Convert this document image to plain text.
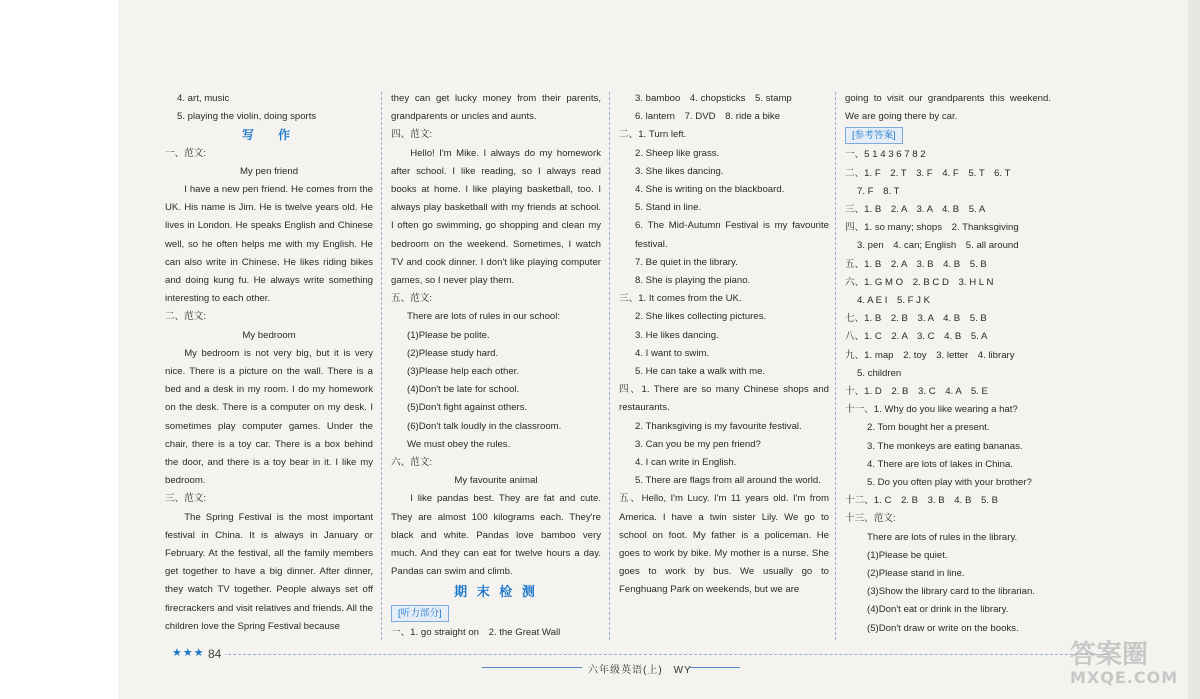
4. art, music

5. playing the violin, doing sports

写　作

一、范文:

My pen friend

I have a new pen friend. He comes from the UK. His name is Jim. He is twelve years old. He lives in London. He speaks English and Chinese well, so he often helps me with my English. He can also write in Chinese. He likes riding bikes and doing kung fu. He always write something interesting to each other.

二、范文:

My bedroom

My bedroom is not very big, but it is very nice. There is a picture on the wall. There is a bed and a desk in my room. I do my homework on the desk. There is a computer on my desk. I sometimes play computer games. Under the chair, there is a toy car. There is a box behind the door, and there is a toy bear in it. I like my bedroom.

三、范文:

The Spring Festival is the most important festival in China. It is always in January or February. At the festival, all the family members get together to have a big dinner. After dinner, they watch TV together. People always set off firecrackers and visit relatives and friends. All the children love the Spring Festival because

they can get lucky money from their parents, grandparents or uncles and aunts.

四、范文:

Hello! I'm Mike. I always do my homework after school. I like reading, so I always read books at home. I like playing basketball, too. I always play basketball with my friends at school. I often go swimming, go shopping and clean my bedroom on the weekend. Sometimes, I watch TV and cook dinner. I don't like playing computer games, so I never play them.

五、范文:

There are lots of rules in our school:

(1)Please be polite.

(2)Please study hard.

(3)Please help each other.

(4)Don't be late for school.

(5)Don't fight against others.

(6)Don't talk loudly in the classroom.

We must obey the rules.

六、范文:

My favourite animal

I like pandas best. They are fat and cute. They are almost 100 kilograms each. They're black and white. Pandas love bamboo very much. And they can eat for twelve hours a day. Pandas can swim and climb.

期 末 检 测

[听力部分]

一、1. go straight on　2. the Great Wall

3. bamboo　4. chopsticks　5. stamp

6. lantern　7. DVD　8. ride a bike

二、1. Turn left.

2. Sheep like grass.

3. She likes dancing.

4. She is writing on the blackboard.

5. Stand in line.

6. The Mid-Autumn Festival is my favourite festival.

7. Be quiet in the library.

8. She is playing the piano.

三、1. It comes from the UK.

2. She likes collecting pictures.

3. He likes dancing.

4. I want to swim.

5. He can take a walk with me.

四、1. There are so many Chinese shops and restaurants.

2. Thanksgiving is my favourite festival.

3. Can you be my pen friend?

4. I can write in English.

5. There are flags from all around the world.

五、Hello, I'm Lucy. I'm 11 years old. I'm from America. I have a twin sister Lily. We go to school on foot. My father is a policeman. He goes to work by bike. My mother is a nurse. She goes to work by bus. We usually go to Fenghuang Park on weekends, but we are

going to visit our grandparents this weekend. We are going there by car.

[参考答案]

一、5 1 4 3 6 7 8 2

二、1. F　2. T　3. F　4. F　5. T　6. T

7. F　8. T

三、1. B　2. A　3. A　4. B　5. A

四、1. so many; shops　2. Thanksgiving

3. pen　4. can; English　5. all around

五、1. B　2. A　3. B　4. B　5. B

六、1. G M O　2. B C D　3. H L N

4. A E I　5. F J K

七、1. B　2. B　3. A　4. B　5. B

八、1. C　2. A　3. C　4. B　5. A

九、1. map　2. toy　3. letter　4. library

5. children

十、1. D　2. B　3. C　4. A　5. E

十一、1. Why do you like wearing a hat?

2. Tom bought her a present.

3. The monkeys are eating bananas.

4. There are lots of lakes in China.

5. Do you often play with your brother?

十二、1. C　2. B　3. B　4. B　5. B

十三、范文:

There are lots of rules in the library.

(1)Please be quiet.

(2)Please stand in line.

(3)Show the library card to the librarian.

(4)Don't eat or drink in the library.

(5)Don't draw or write on the books.

★★★ 84
六年级英语(上)　WY
答案圈
MXQE.COM
